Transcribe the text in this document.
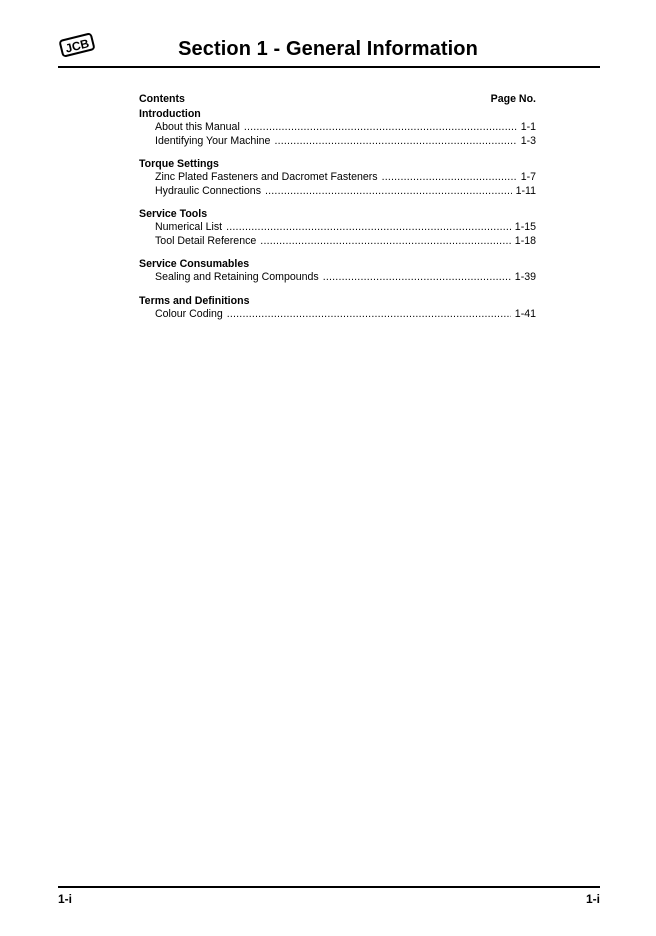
JCB	Section 1 - General Information
Contents	Page No.
Introduction
About this Manual .....	1-1
Identifying Your Machine .....	1-3
Torque Settings
Zinc Plated Fasteners and Dacromet Fasteners .....	1-7
Hydraulic Connections .....	1-11
Service Tools
Numerical List .....	1-15
Tool Detail Reference .....	1-18
Service Consumables
Sealing and Retaining Compounds .....	1-39
Terms and Definitions
Colour Coding .....	1-41
1-i	1-i
